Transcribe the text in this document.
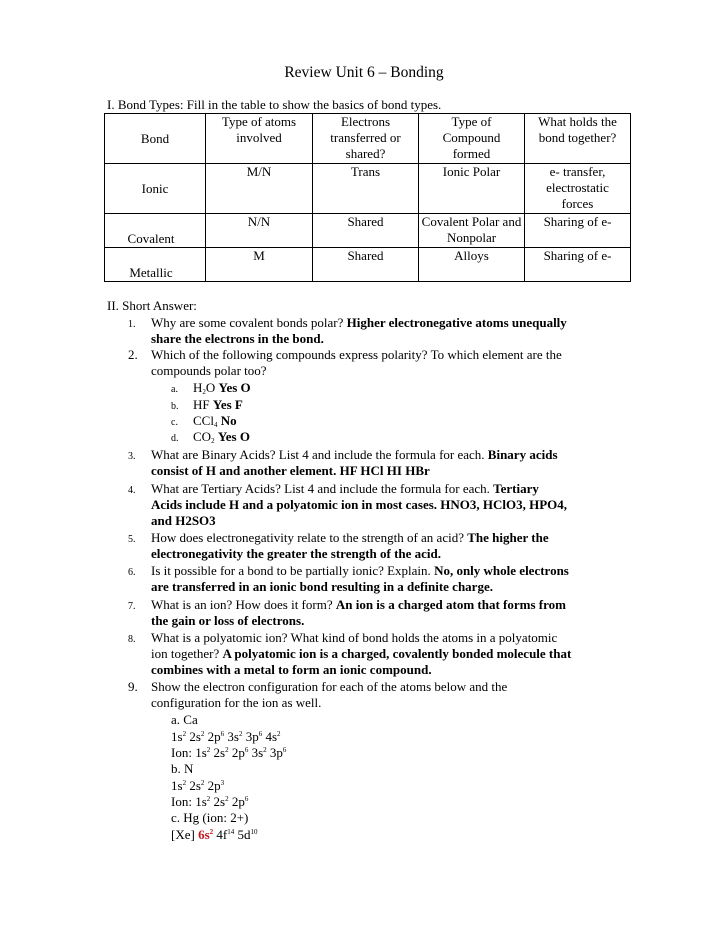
Review Unit 6 – Bonding
I. Bond Types: Fill in the table to show the basics of bond types.
Bond	Type of atoms involved	Electrons transferred or shared?	Type of Compound formed	What holds the bond together?

Ionic	M/N	Trans	Ionic Polar	e- transfer, electrostatic forces

Covalent	N/N	Shared	Covalent Polar and Nonpolar	Sharing of e-
Metallic	M	Shared	Alloys	Sharing of e-
II. Short Answer:
1. Why are some covalent bonds polar? Higher electronegative atoms unequally
share the electrons in the bond.
2. Which of the following compounds express polarity? To which element are the
compounds polar too?
a. $H_2O$ Yes O
b. HF Yes F
c. CCl$_4$ No
d. $CO_2$ Yes O
3. What are Binary Acids? List 4 and include the formula for each. Binary acids
consist of H and another element. HF HCl HI HBr
4. What are Tertiary Acids? List 4 and include the formula for each. Tertiary
Acids include H and a polyatomic ion in most cases. HNO3, HClO3, HPO4,
and H2SO3
5. How does electronegativity relate to the strength of an acid? The higher the
electronegativity the greater the strength of the acid.
6. Is it possible for a bond to be partially ionic? Explain. No, only whole electrons
are transferred in an ionic bond resulting in a definite charge.
7. What is an ion? How does it form? An ion is a charged atom that forms from
the gain or loss of electrons.
8. What is a polyatomic ion? What kind of bond holds the atoms in a polyatomic
ion together? A polyatomic ion is a charged, covalently bonded molecule that
combines with a metal to form an ionic compound.
9. Show the electron configuration for each of the atoms below and the
configuration for the ion as well.
a. Ca
$1s^2$ $2s^2$ $2p^6$ $3s^2$ $3p^6$ $4s^2$
Ion: $1s^2$ $2s^2$ $2p^6$ $3s^2$ $3p^6$
b. N
$1s^2$ $2s^2$ $2p^3$
Ion: $1s^2$ $2s^2$ $2p^6$
c. Hg (ion: 2+)
[Xe] $6s^2$ $4f^{14}$ $5d^{10}$
